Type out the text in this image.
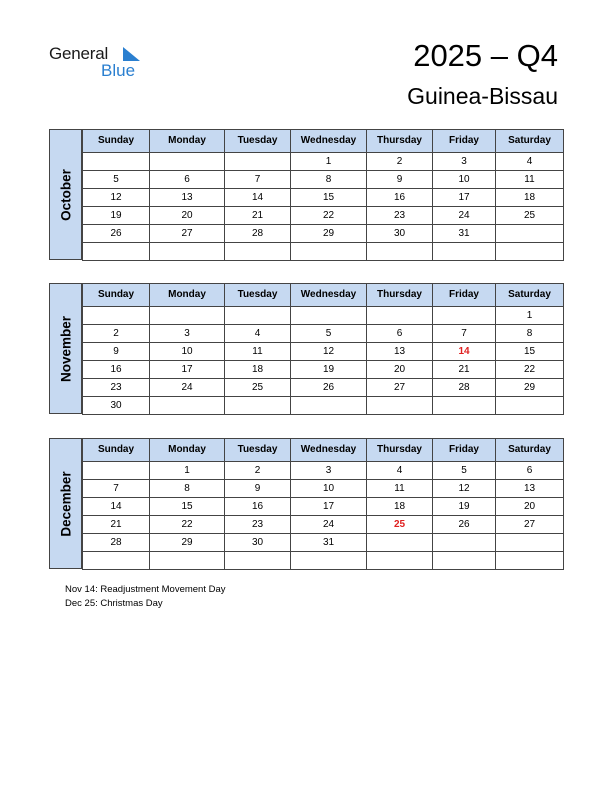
General
Blue	2025 – Q4
Guinea-Bissau
October
Sunday	Monday	Tuesday	Wednesday	Thursday	Friday	Saturday
			1	2	3	4
5	6	7	8	9	10	11
12	13	14	15	16	17	18
19	20	21	22	23	24	25
26	27	28	29	30	31	

November
Sunday	Monday	Tuesday	Wednesday	Thursday	Friday	Saturday
						1
2	3	4	5	6	7	8
9	10	11	12	13	14	15
16	17	18	19	20	21	22
23	24	25	26	27	28	29
30						
December
Sunday	Monday	Tuesday	Wednesday	Thursday	Friday	Saturday
	1	2	3	4	5	6
7	8	9	10	11	12	13
14	15	16	17	18	19	20
21	22	23	24	25	26	27
28	29	30	31			

Nov 14: Readjustment Movement Day
Dec 25: Christmas Day
